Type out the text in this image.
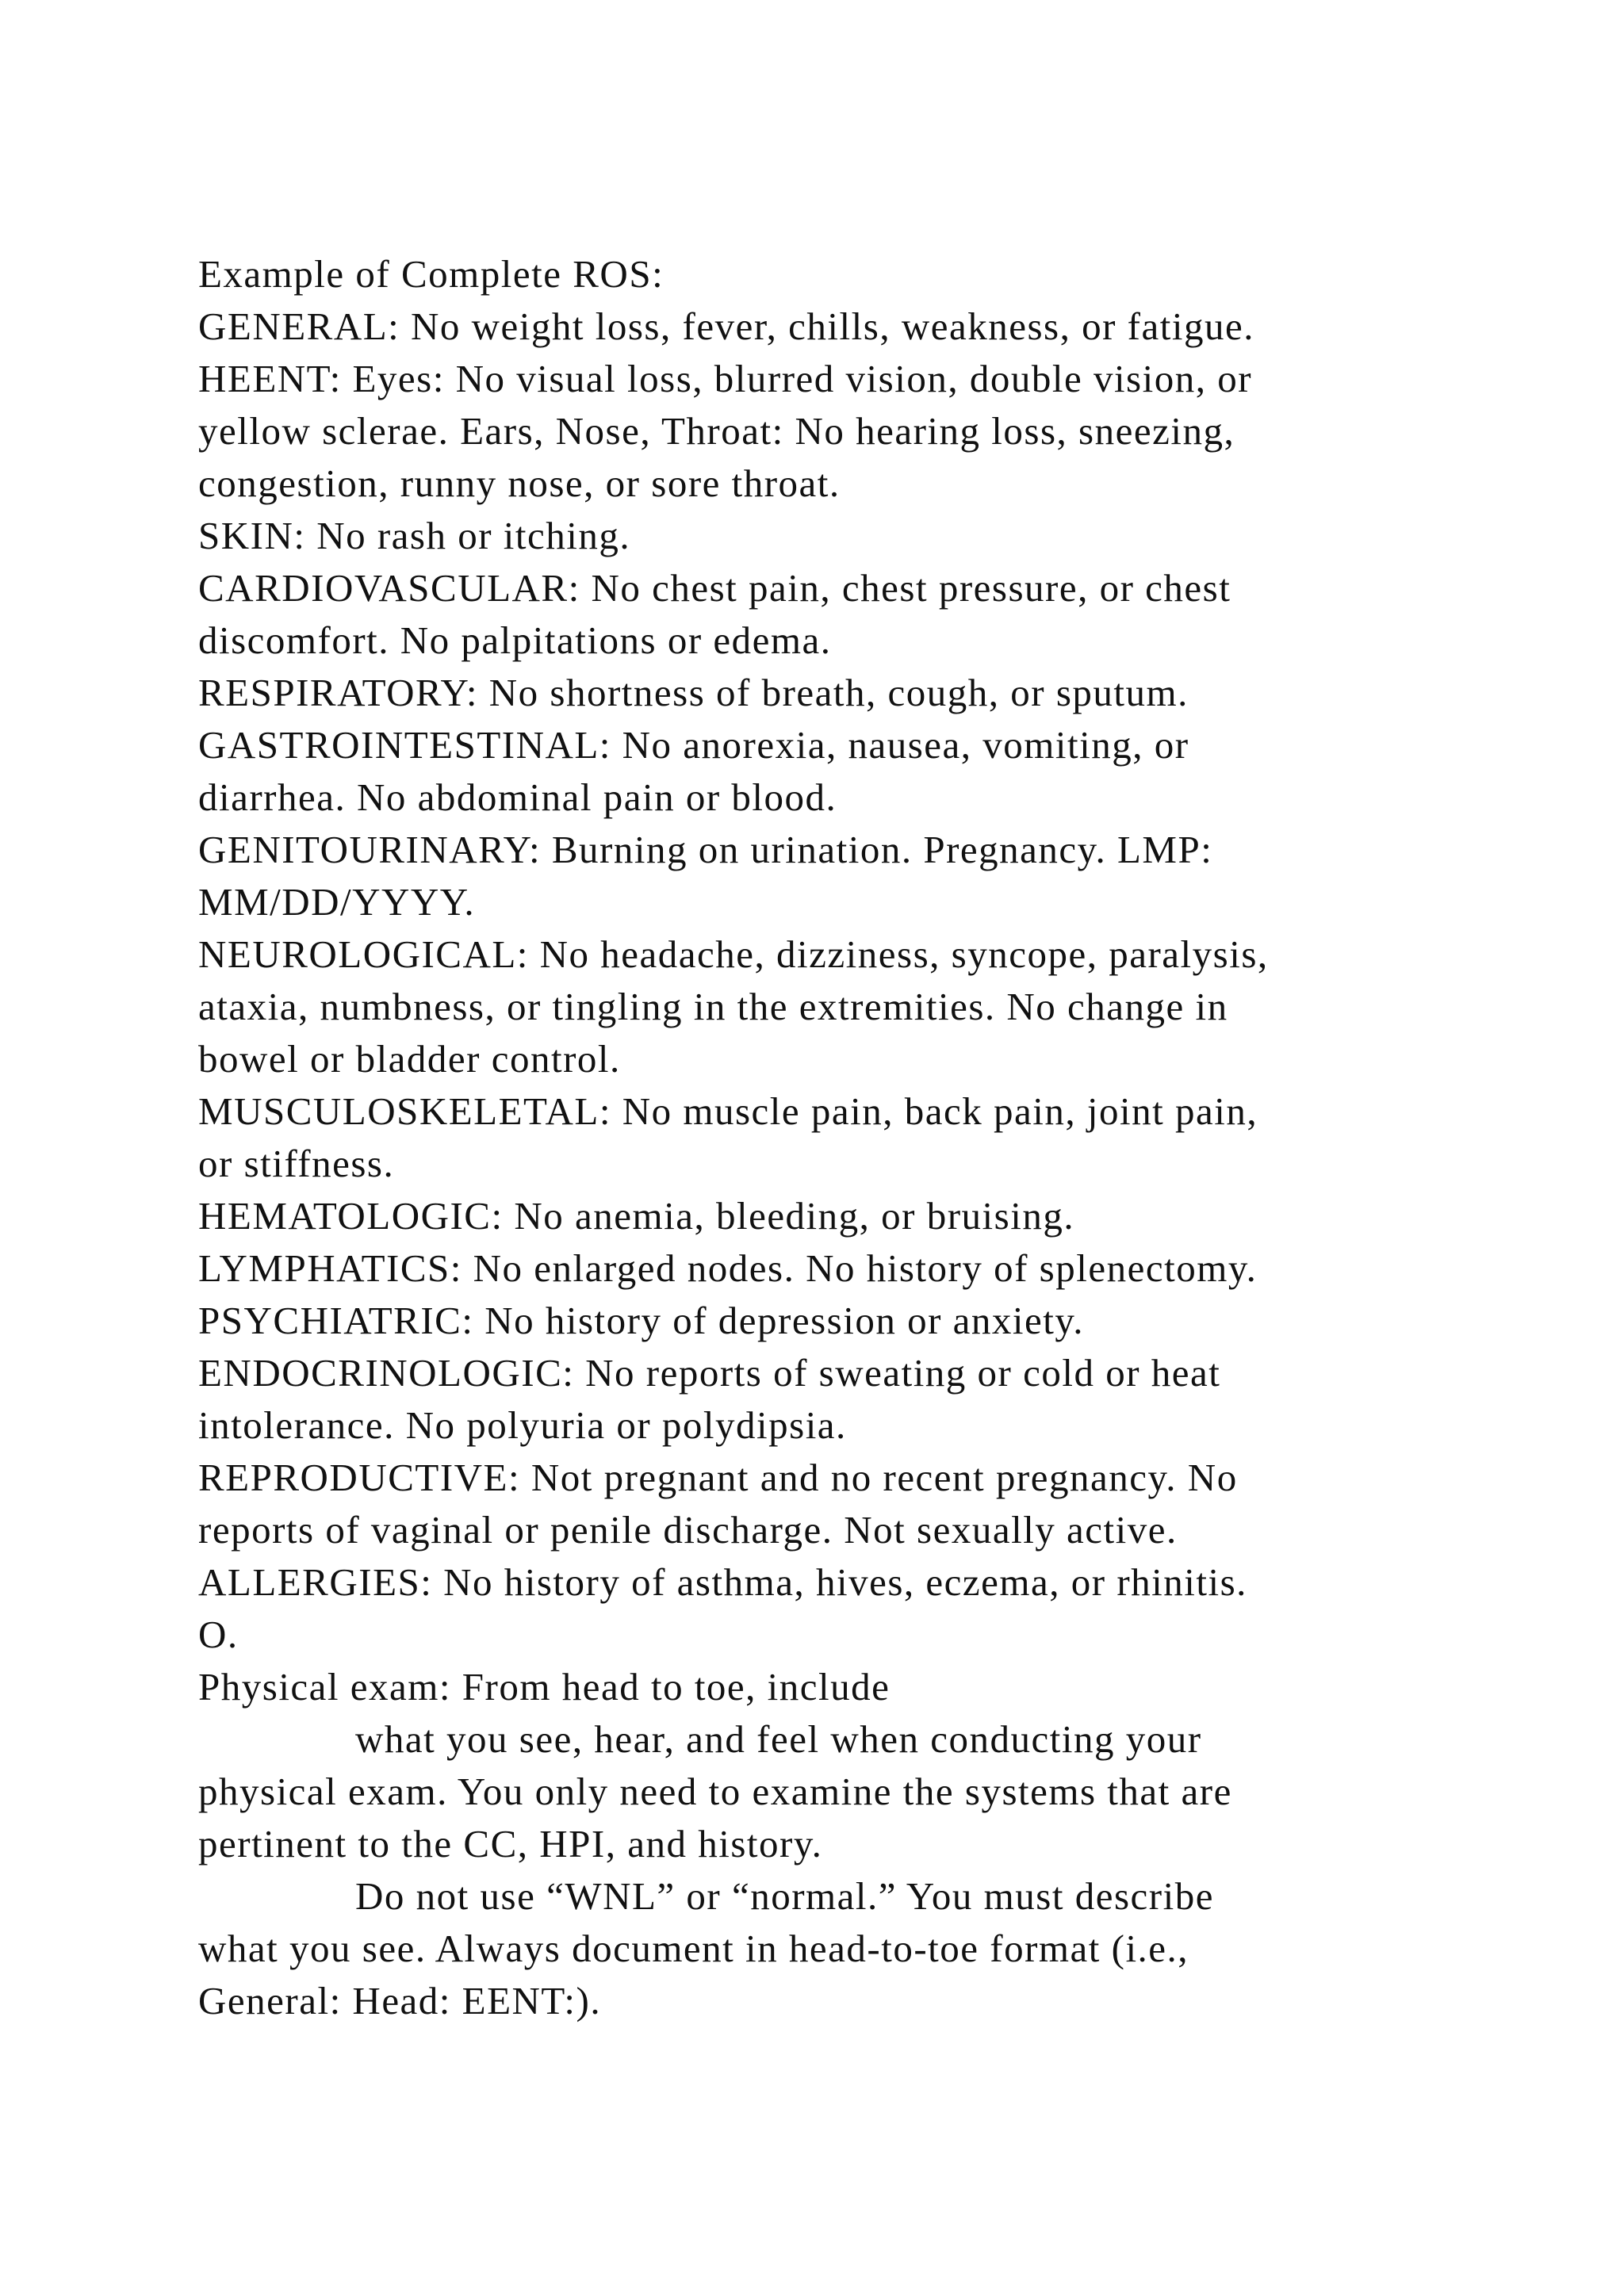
Example of Complete ROS:
GENERAL: No weight loss, fever, chills, weakness, or fatigue.
HEENT: Eyes: No visual loss, blurred vision, double vision, or
yellow sclerae. Ears, Nose, Throat: No hearing loss, sneezing,
congestion, runny nose, or sore throat.
SKIN: No rash or itching.
CARDIOVASCULAR: No chest pain, chest pressure, or chest
discomfort. No palpitations or edema.
RESPIRATORY: No shortness of breath, cough, or sputum.
GASTROINTESTINAL: No anorexia, nausea, vomiting, or
diarrhea. No abdominal pain or blood.
GENITOURINARY: Burning on urination. Pregnancy. LMP:
MM/DD/YYYY.
NEUROLOGICAL: No headache, dizziness, syncope, paralysis,
ataxia, numbness, or tingling in the extremities. No change in
bowel or bladder control.
MUSCULOSKELETAL: No muscle pain, back pain, joint pain,
or stiffness.
HEMATOLOGIC: No anemia, bleeding, or bruising.
LYMPHATICS: No enlarged nodes. No history of splenectomy.
PSYCHIATRIC: No history of depression or anxiety.
ENDOCRINOLOGIC: No reports of sweating or cold or heat
intolerance. No polyuria or polydipsia.
REPRODUCTIVE: Not pregnant and no recent pregnancy. No
reports of vaginal or penile discharge. Not sexually active.
ALLERGIES: No history of asthma, hives, eczema, or rhinitis.
O.
Physical exam: From head to toe, include
what you see, hear, and feel when conducting your
physical exam. You only need to examine the systems that are
pertinent to the CC, HPI, and history.
Do not use “WNL” or “normal.” You must describe
what you see. Always document in head-to-toe format (i.e.,
General: Head: EENT:).
